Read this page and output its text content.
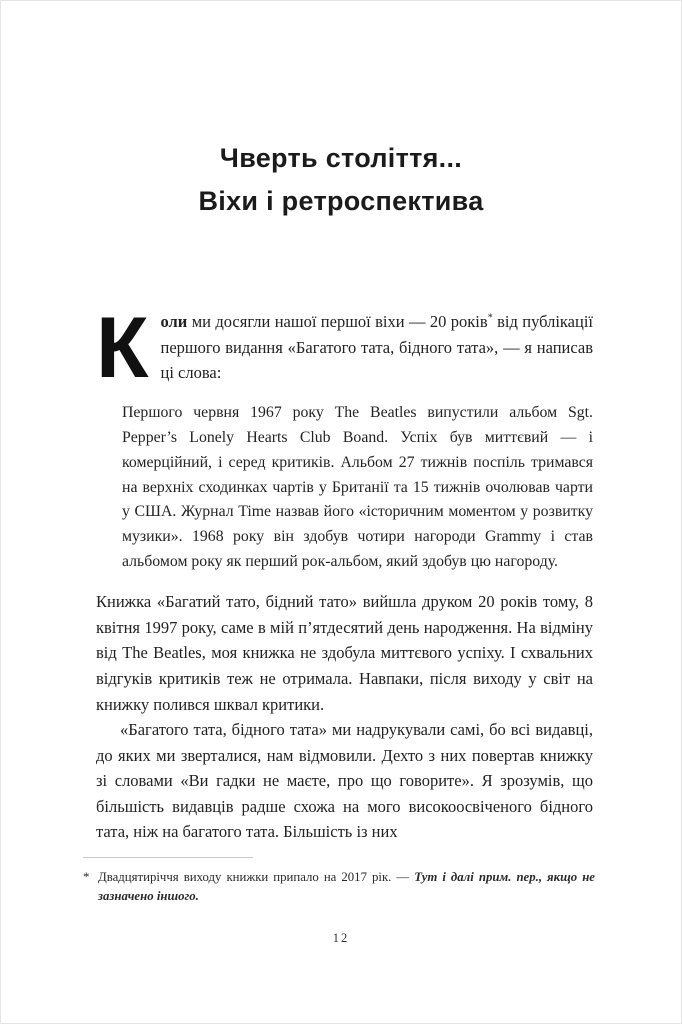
Чверть століття...
Віхи і ретроспектива

Коли ми досягли нашої першої віхи — 20 років* від публікації першого видання «Багатого тата, бідного тата», — я написав ці слова:

Першого червня 1967 року The Beatles випустили альбом Sgt. Pepper’s Lonely Hearts Club Boand. Успіх був миттєвий — і комерційний, і серед критиків. Альбом 27 тижнів поспіль тримався на верхніх сходинках чартів у Британії та 15 тижнів очолював чарти у США. Журнал Time назвав його «історичним моментом у розвитку музики». 1968 року він здобув чотири нагороди Grammy і став альбомом року як перший рок-альбом, який здобув цю нагороду.

Книжка «Багатий тато, бідний тато» вийшла друком 20 років тому, 8 квітня 1997 року, саме в мій п’ятдесятий день народження. На відміну від The Beatles, моя книжка не здобула миттєвого успіху. І схвальних відгуків критиків теж не отримала. Навпаки, після виходу у світ на книжку полився шквал критики.

«Багатого тата, бідного тата» ми надрукували самі, бо всі видавці, до яких ми зверталися, нам відмовили. Дехто з них повертав книжку зі словами «Ви гадки не маєте, про що говорите». Я зрозумів, що більшість видавців радше схожа на мого високоосвіченого бідного тата, ніж на багатого тата. Більшість із них

* Двадцятиріччя виходу книжки припало на 2017 рік. — Тут і далі прим. пер., якщо не зазначено іншого.
12
